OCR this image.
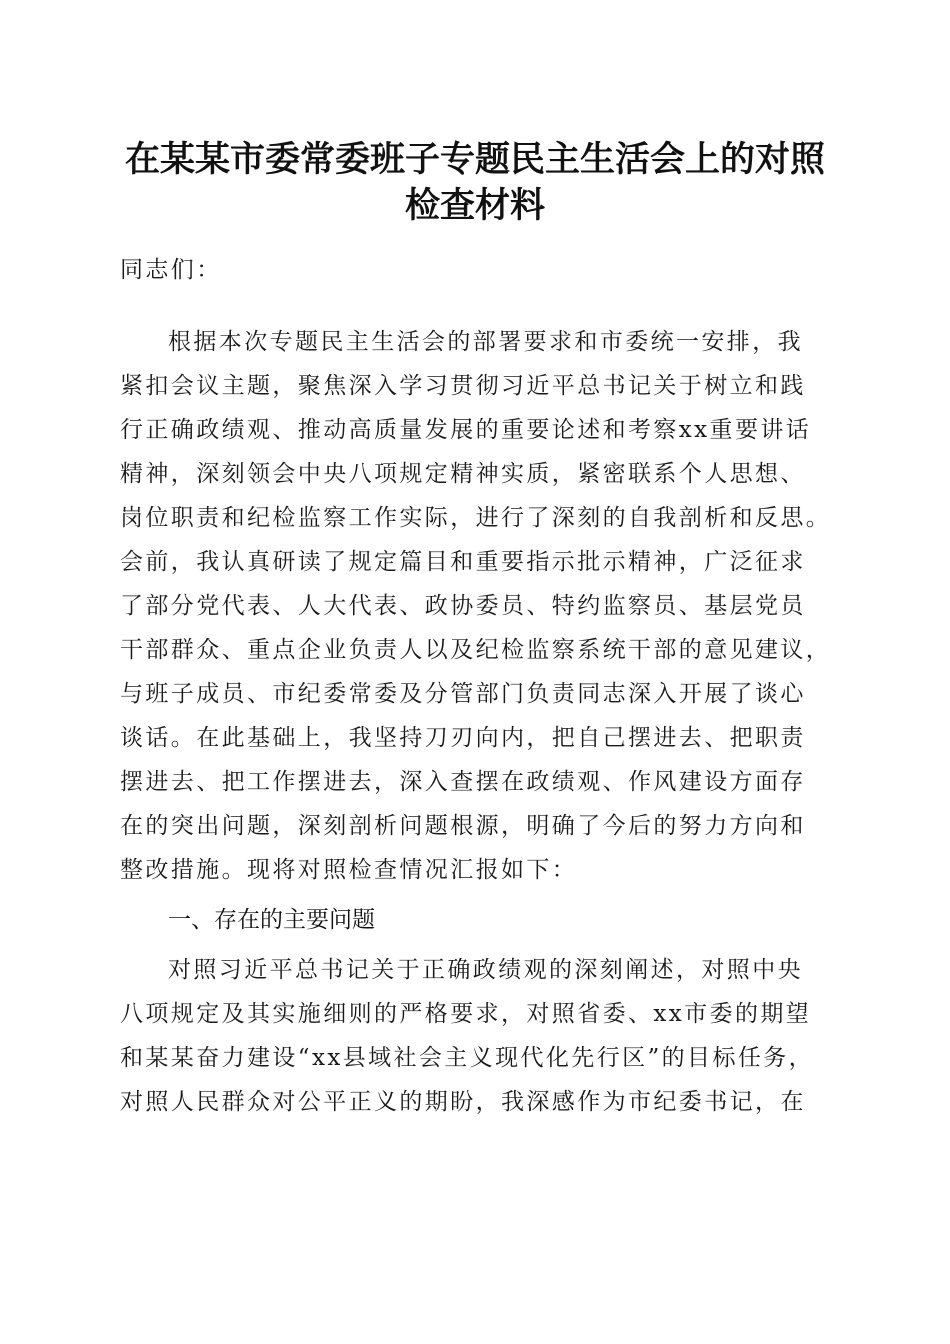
在某某市委常委班子专题民主生活会上的对照
检查材料
同志们：
根据本次专题民主生活会的部署要求和市委统一安排，我
紧扣会议主题，聚焦深入学习贯彻习近平总书记关于树立和践
行正确政绩观、推动高质量发展的重要论述和考察xx重要讲话
精神，深刻领会中央八项规定精神实质，紧密联系个人思想、
岗位职责和纪检监察工作实际，进行了深刻的自我剖析和反思。
会前，我认真研读了规定篇目和重要指示批示精神，广泛征求
了部分党代表、人大代表、政协委员、特约监察员、基层党员
干部群众、重点企业负责人以及纪检监察系统干部的意见建议，
与班子成员、市纪委常委及分管部门负责同志深入开展了谈心
谈话。在此基础上，我坚持刀刃向内，把自己摆进去、把职责
摆进去、把工作摆进去，深入查摆在政绩观、作风建设方面存
在的突出问题，深刻剖析问题根源，明确了今后的努力方向和
整改措施。现将对照检查情况汇报如下：
一、存在的主要问题
对照习近平总书记关于正确政绩观的深刻阐述，对照中央
八项规定及其实施细则的严格要求，对照省委、xx市委的期望
和某某奋力建设“xx县域社会主义现代化先行区”的目标任务，
对照人民群众对公平正义的期盼，我深感作为市纪委书记，在
